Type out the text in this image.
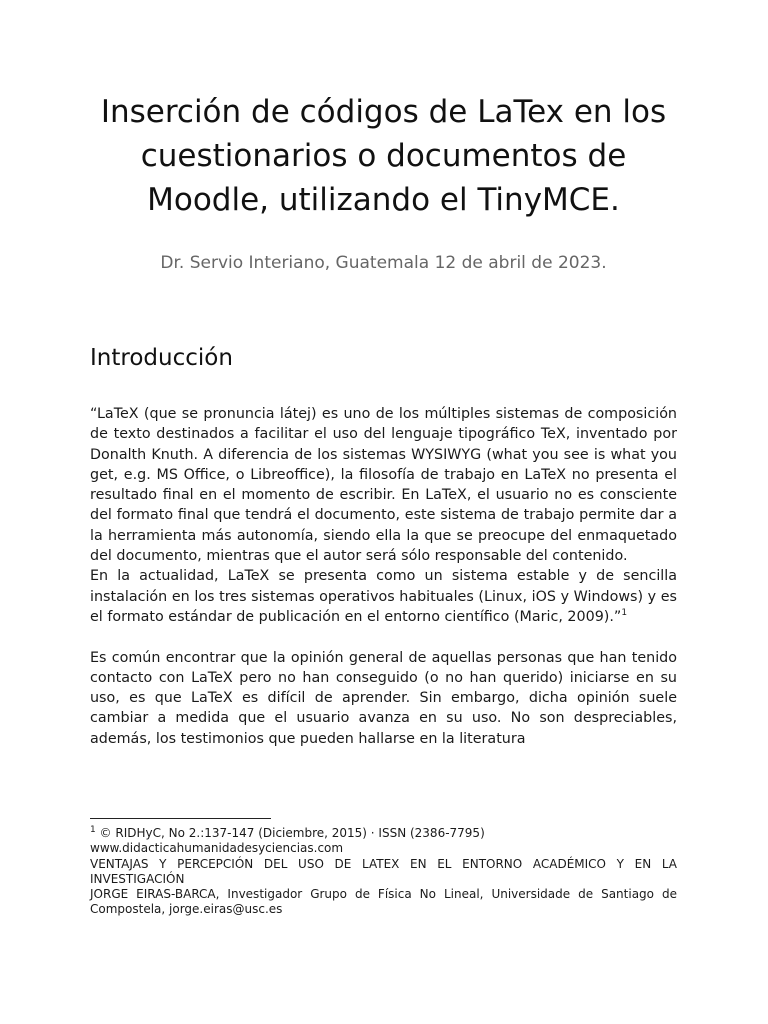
Inserción de códigos de LaTex en los cuestionarios o documentos de Moodle, utilizando el TinyMCE.

Dr. Servio Interiano, Guatemala 12 de abril de 2023.

Introducción

“LaTeX (que se pronuncia látej) es uno de los múltiples sistemas de composición de texto destinados a facilitar el uso del lenguaje tipográfico TeX, inventado por Donalth Knuth. A diferencia de los sistemas WYSIWYG (what you see is what you get, e.g. MS Office, o Libreoffice), la filosofía de trabajo en LaTeX no presenta el resultado final en el momento de escribir. En LaTeX, el usuario no es consciente del formato final que tendrá el documento, este sistema de trabajo permite dar a la herramienta más autonomía, siendo ella la que se preocupe del enmaquetado del documento, mientras que el autor será sólo responsable del contenido.

En la actualidad, LaTeX se presenta como un sistema estable y de sencilla instalación en los tres sistemas operativos habituales (Linux, iOS y Windows) y es el formato estándar de publicación en el entorno científico (Maric, 2009).”$^1$

Es común encontrar que la opinión general de aquellas personas que han tenido contacto con LaTeX pero no han conseguido (o no han querido) iniciarse en su uso, es que LaTeX es difícil de aprender. Sin embargo, dicha opinión suele cambiar a medida que el usuario avanza en su uso. No son despreciables, además, los testimonios que pueden hallarse en la literatura

$^1$ © RIDHyC, No 2.:137-147 (Diciembre, 2015) · ISSN (2386-7795)

www.didacticahumanidadesyciencias.com

VENTAJAS Y PERCEPCIÓN DEL USO DE LATEX EN EL ENTORNO ACADÉMICO Y EN LA INVESTIGACIÓN

JORGE EIRAS-BARCA, Investigador Grupo de Física No Lineal, Universidade de Santiago de Compostela, jorge.eiras@usc.es
